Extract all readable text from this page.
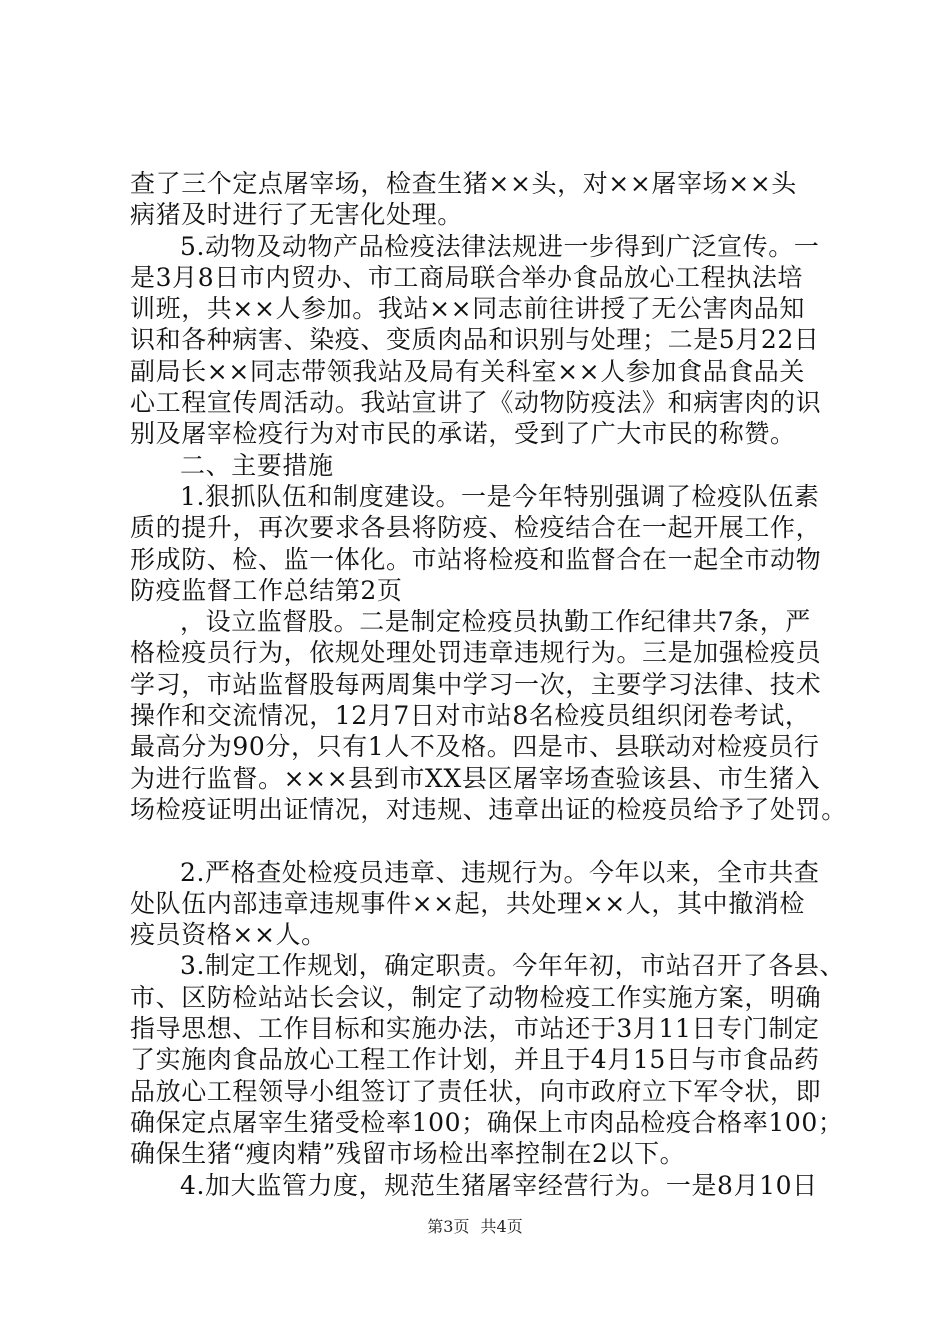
查了三个定点屠宰场，检查生猪××头，对××屠宰场××头
病猪及时进行了无害化处理。
5.动物及动物产品检疫法律法规进一步得到广泛宣传。一
是3月8日市内贸办、市工商局联合举办食品放心工程执法培
训班，共××人参加。我站××同志前往讲授了无公害肉品知
识和各种病害、染疫、变质肉品和识别与处理；二是5月22日
副局长××同志带领我站及局有关科室××人参加食品食品关
心工程宣传周活动。我站宣讲了《动物防疫法》和病害肉的识
别及屠宰检疫行为对市民的承诺，受到了广大市民的称赞。
二、主要措施
1.狠抓队伍和制度建设。一是今年特别强调了检疫队伍素
质的提升，再次要求各县将防疫、检疫结合在一起开展工作，
形成防、检、监一体化。市站将检疫和监督合在一起全市动物
防疫监督工作总结第2页
，设立监督股。二是制定检疫员执勤工作纪律共7条，严
格检疫员行为，依规处理处罚违章违规行为。三是加强检疫员
学习，市站监督股每两周集中学习一次，主要学习法律、技术
操作和交流情况，12月7日对市站8名检疫员组织闭卷考试，
最高分为90分，只有1人不及格。四是市、县联动对检疫员行
为进行监督。×××县到市XX县区屠宰场查验该县、市生猪入
场检疫证明出证情况，对违规、违章出证的检疫员给予了处罚。
2.严格查处检疫员违章、违规行为。今年以来，全市共查
处队伍内部违章违规事件××起，共处理××人，其中撤消检
疫员资格××人。
3.制定工作规划，确定职责。今年年初，市站召开了各县、
市、区防检站站长会议，制定了动物检疫工作实施方案，明确
指导思想、工作目标和实施办法，市站还于3月11日专门制定
了实施肉食品放心工程工作计划，并且于4月15日与市食品药
品放心工程领导小组签订了责任状，向市政府立下军令状，即
确保定点屠宰生猪受检率100；确保上市肉品检疫合格率100；
确保生猪“瘦肉精”残留市场检出率控制在2以下。
4.加大监管力度，规范生猪屠宰经营行为。一是8月10日
第3页 共4页
